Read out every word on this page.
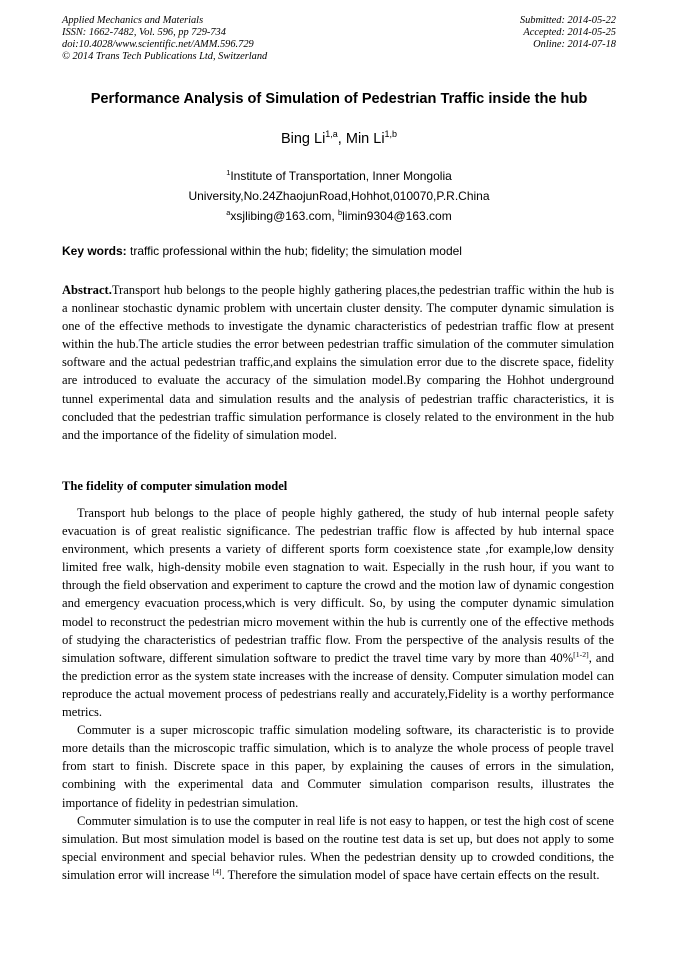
Applied Mechanics and Materials
ISSN: 1662-7482, Vol. 596, pp 729-734
doi:10.4028/www.scientific.net/AMM.596.729
© 2014 Trans Tech Publications Ltd, Switzerland
Submitted: 2014-05-22
Accepted: 2014-05-25
Online: 2014-07-18
Performance Analysis of Simulation of Pedestrian Traffic inside the hub
Bing Li$^{1,a}$, Min Li$^{1,b}$
$^1$Institute of Transportation, Inner Mongolia
University,No.24ZhaojunRoad,Hohhot,010070,P.R.China
$^a$xsjlibing@163.com, $^b$limin9304@163.com
Key words: traffic professional within the hub; fidelity; the simulation model
Abstract.Transport hub belongs to the people highly gathering places,the pedestrian traffic within the hub is a nonlinear stochastic dynamic problem with uncertain cluster density. The computer dynamic simulation is one of the effective methods to investigate the dynamic characteristics of pedestrian traffic flow at present within the hub.The article studies the error between pedestrian traffic simulation of the commuter simulation software and the actual pedestrian traffic,and explains the simulation error due to the discrete space, fidelity are introduced to evaluate the accuracy of the simulation model.By comparing the Hohhot underground tunnel experimental data and simulation results and the analysis of pedestrian traffic characteristics, it is concluded that the pedestrian traffic simulation performance is closely related to the environment in the hub and the importance of the fidelity of simulation model.
The fidelity of computer simulation model

Transport hub belongs to the place of people highly gathered, the study of hub internal people safety evacuation is of great realistic significance. The pedestrian traffic flow is affected by hub internal space environment, which presents a variety of different sports form coexistence state ,for example,low density limited free walk, high-density mobile even stagnation to wait. Especially in the rush hour, if you want to through the field observation and experiment to capture the crowd and the motion law of dynamic congestion and emergency evacuation process,which is very difficult. So, by using the computer dynamic simulation model to reconstruct the pedestrian micro movement within the hub is currently one of the effective methods of studying the characteristics of pedestrian traffic flow. From the perspective of the analysis results of the simulation software, different simulation software to predict the travel time vary by more than 40%[1-2], and the prediction error as the system state increases with the increase of density. Computer simulation model can reproduce the actual movement process of pedestrians really and accurately,Fidelity is a worthy performance metrics.

Commuter is a super microscopic traffic simulation modeling software, its characteristic is to provide more details than the microscopic traffic simulation, which is to analyze the whole process of people travel from start to finish. Discrete space in this paper, by explaining the causes of errors in the simulation, combining with the experimental data and Commuter simulation comparison results, illustrates the importance of fidelity in pedestrian simulation.

Commuter simulation is to use the computer in real life is not easy to happen, or test the high cost of scene simulation. But most simulation model is based on the routine test data is set up, but does not apply to some special environment and special behavior rules. When the pedestrian density up to crowded conditions, the simulation error will increase [4]. Therefore the simulation model of space have certain effects on the result.
